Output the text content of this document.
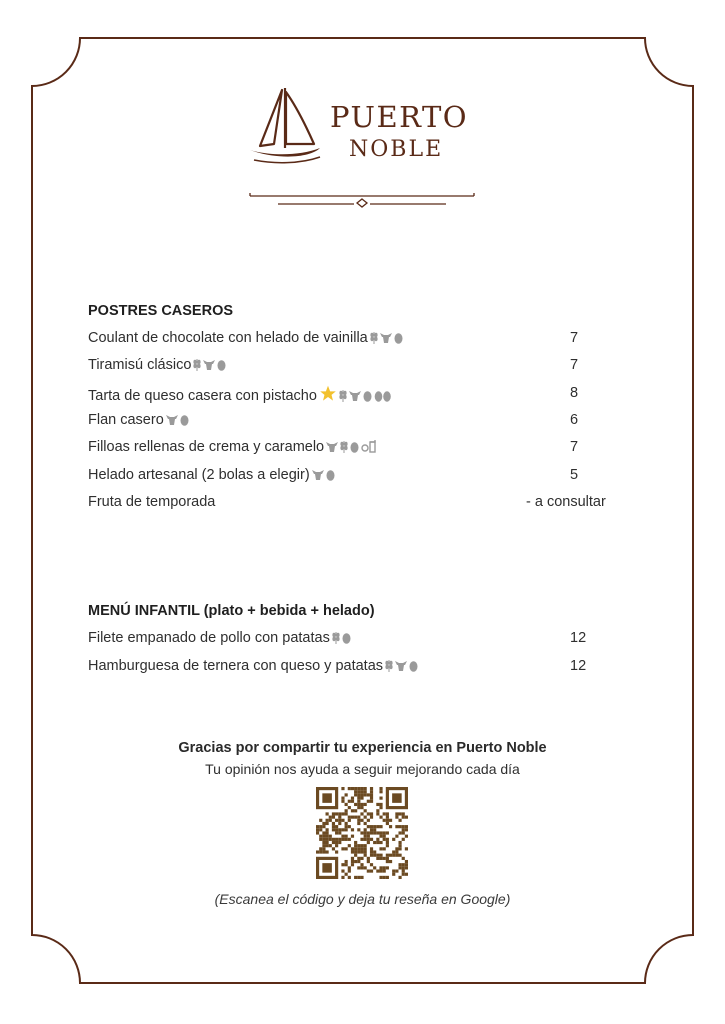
PUERTO
NOBLE
POSTRES CASEROS
Coulant de chocolate con helado de vainilla	7
Tiramisú clásico	7
Tarta de queso casera con pistacho	8
Flan casero	6
Filloas rellenas de crema y caramelo	7
Helado artesanal (2 bolas a elegir)	5
Fruta de temporada	- a consultar
MENÚ INFANTIL (plato + bebida + helado)
Filete empanado de pollo con patatas	12
Hamburguesa de ternera con queso y patatas	12

Gracias por compartir tu experiencia en Puerto Noble

Tu opinión nos ayuda a seguir mejorando cada día

(Escanea el código y deja tu reseña en Google)
